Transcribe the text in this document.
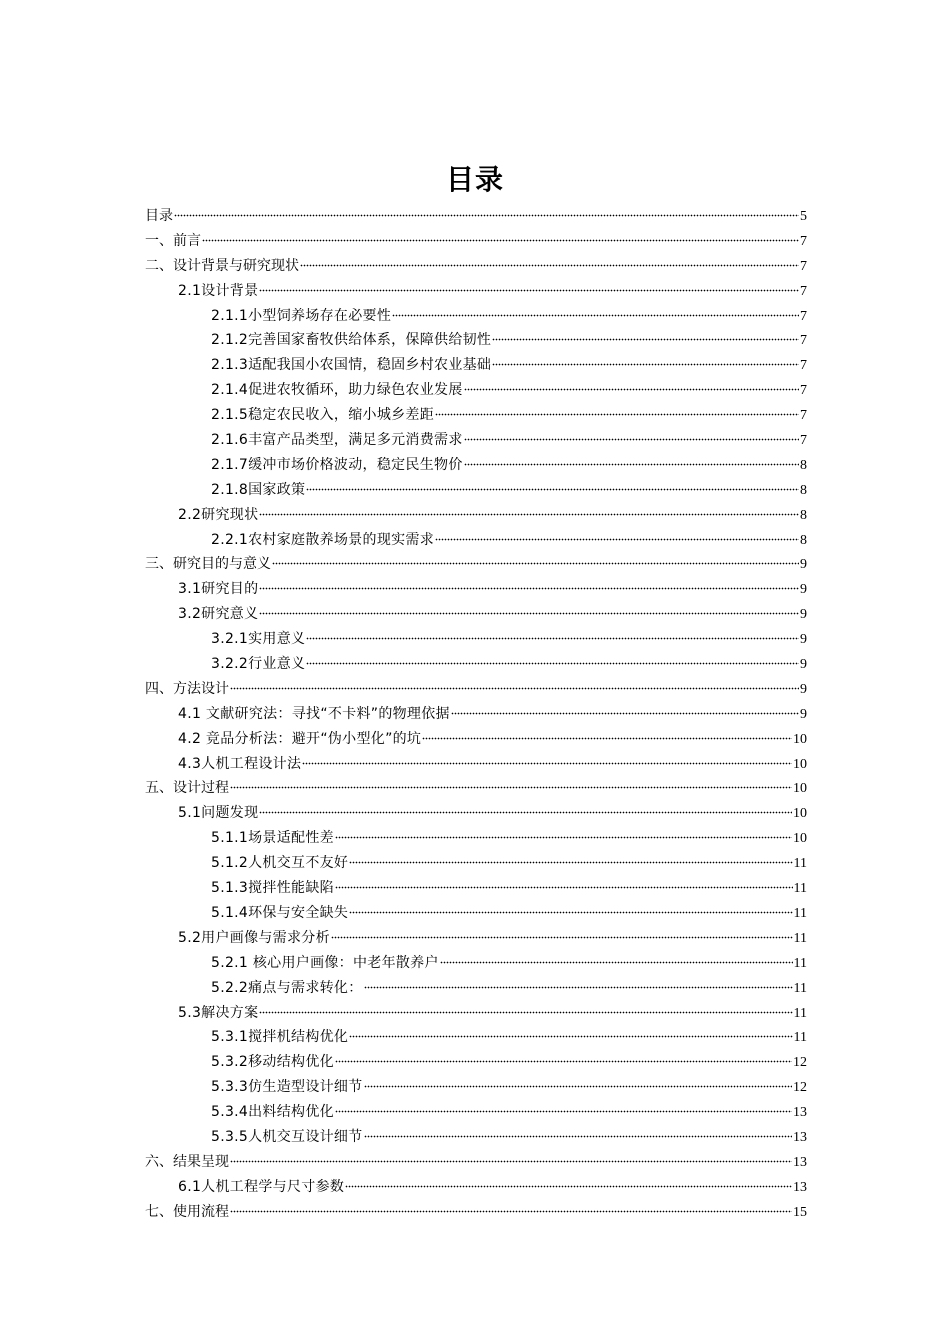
目录
目录	5
一、前言	7
二、设计背景与研究现状	7
2.1设计背景	7
2.1.1小型饲养场存在必要性	7
2.1.2完善国家畜牧供给体系，保障供给韧性	7
2.1.3适配我国小农国情，稳固乡村农业基础	7
2.1.4促进农牧循环，助力绿色农业发展	7
2.1.5稳定农民收入，缩小城乡差距	7
2.1.6丰富产品类型，满足多元消费需求	7
2.1.7缓冲市场价格波动，稳定民生物价	8
2.1.8国家政策	8
2.2研究现状	8
2.2.1农村家庭散养场景的现实需求	8
三、研究目的与意义	9
3.1研究目的	9
3.2研究意义	9
3.2.1实用意义	9
3.2.2行业意义	9
四、方法设计	9
4.1 文献研究法：寻找“不卡料”的物理依据	9
4.2 竞品分析法：避开“伪小型化”的坑	10
4.3人机工程设计法	10
五、设计过程	10
5.1问题发现	10
5.1.1场景适配性差	10
5.1.2人机交互不友好	11
5.1.3搅拌性能缺陷	11
5.1.4环保与安全缺失	11
5.2用户画像与需求分析	11
5.2.1 核心用户画像：中老年散养户	11
5.2.2痛点与需求转化：	11
5.3解决方案	11
5.3.1搅拌机结构优化	11
5.3.2移动结构优化	12
5.3.3仿生造型设计细节	12
5.3.4出料结构优化	13
5.3.5人机交互设计细节	13
六、结果呈现	13
6.1人机工程学与尺寸参数	13
七、使用流程	15
